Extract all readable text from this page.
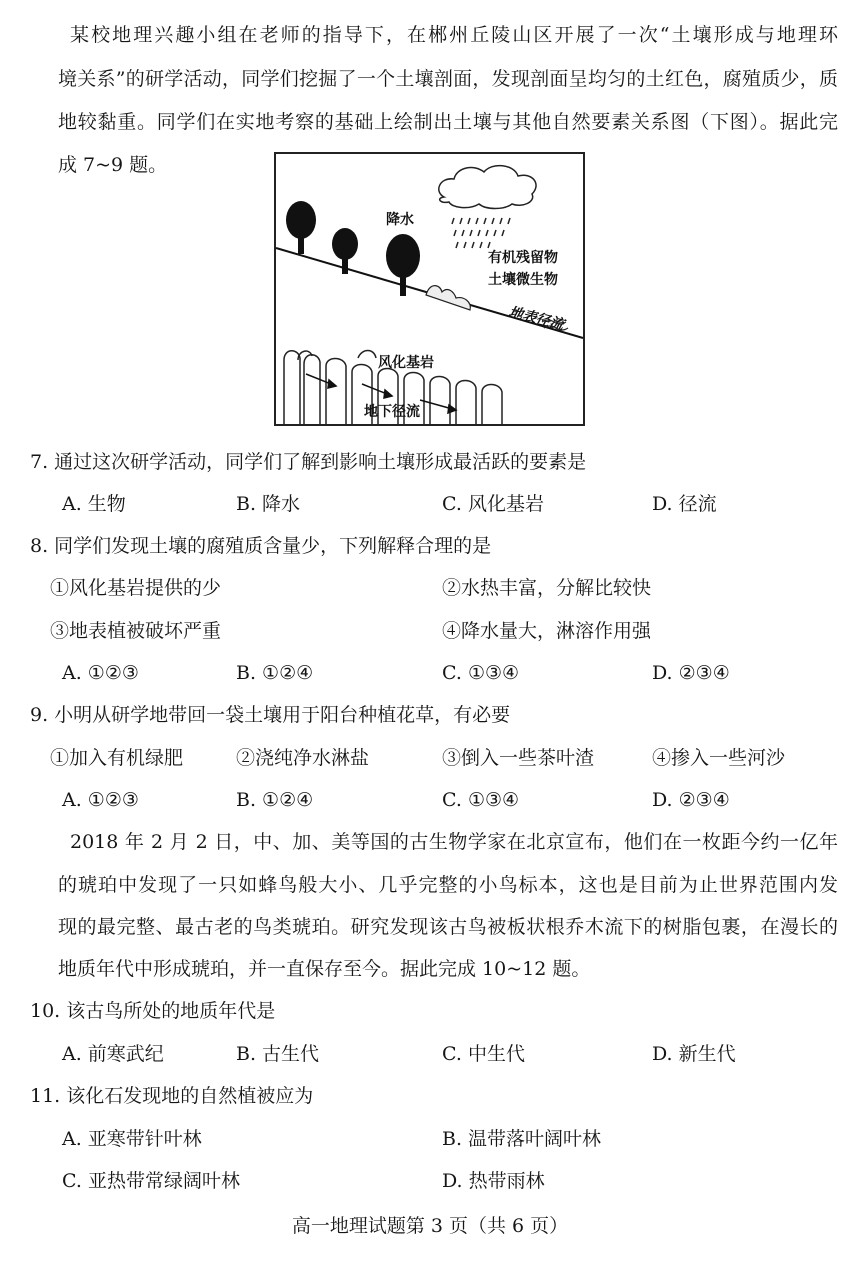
某校地理兴趣小组在老师的指导下，在郴州丘陵山区开展了一次“土壤形成与地理环
境关系”的研学活动，同学们挖掘了一个土壤剖面，发现剖面呈均匀的土红色，腐殖质少，质
地较黏重。同学们在实地考察的基础上绘制出土壤与其他自然要素关系图（下图）。据此完
成 7~9 题。
降水
有机残留物
土壤微生物
地表径流
风化基岩
地下径流
7. 通过这次研学活动，同学们了解到影响土壤形成最活跃的要素是
A. 生物	B. 降水	C. 风化基岩	D. 径流
8. 同学们发现土壤的腐殖质含量少，下列解释合理的是
①风化基岩提供的少	②水热丰富，分解比较快
③地表植被破坏严重	④降水量大，淋溶作用强
A. ①②③	B. ①②④	C. ①③④	D. ②③④
9. 小明从研学地带回一袋土壤用于阳台种植花草，有必要
①加入有机绿肥	②浇纯净水淋盐	③倒入一些茶叶渣	④掺入一些河沙
A. ①②③	B. ①②④	C. ①③④	D. ②③④
2018 年 2 月 2 日，中、加、美等国的古生物学家在北京宣布，他们在一枚距今约一亿年
的琥珀中发现了一只如蜂鸟般大小、几乎完整的小鸟标本，这也是目前为止世界范围内发
现的最完整、最古老的鸟类琥珀。研究发现该古鸟被板状根乔木流下的树脂包裹，在漫长的
地质年代中形成琥珀，并一直保存至今。据此完成 10~12 题。
10. 该古鸟所处的地质年代是
A. 前寒武纪	B. 古生代	C. 中生代	D. 新生代
11. 该化石发现地的自然植被应为
A. 亚寒带针叶林	B. 温带落叶阔叶林
C. 亚热带常绿阔叶林	D. 热带雨林
高一地理试题第 3 页（共 6 页）
